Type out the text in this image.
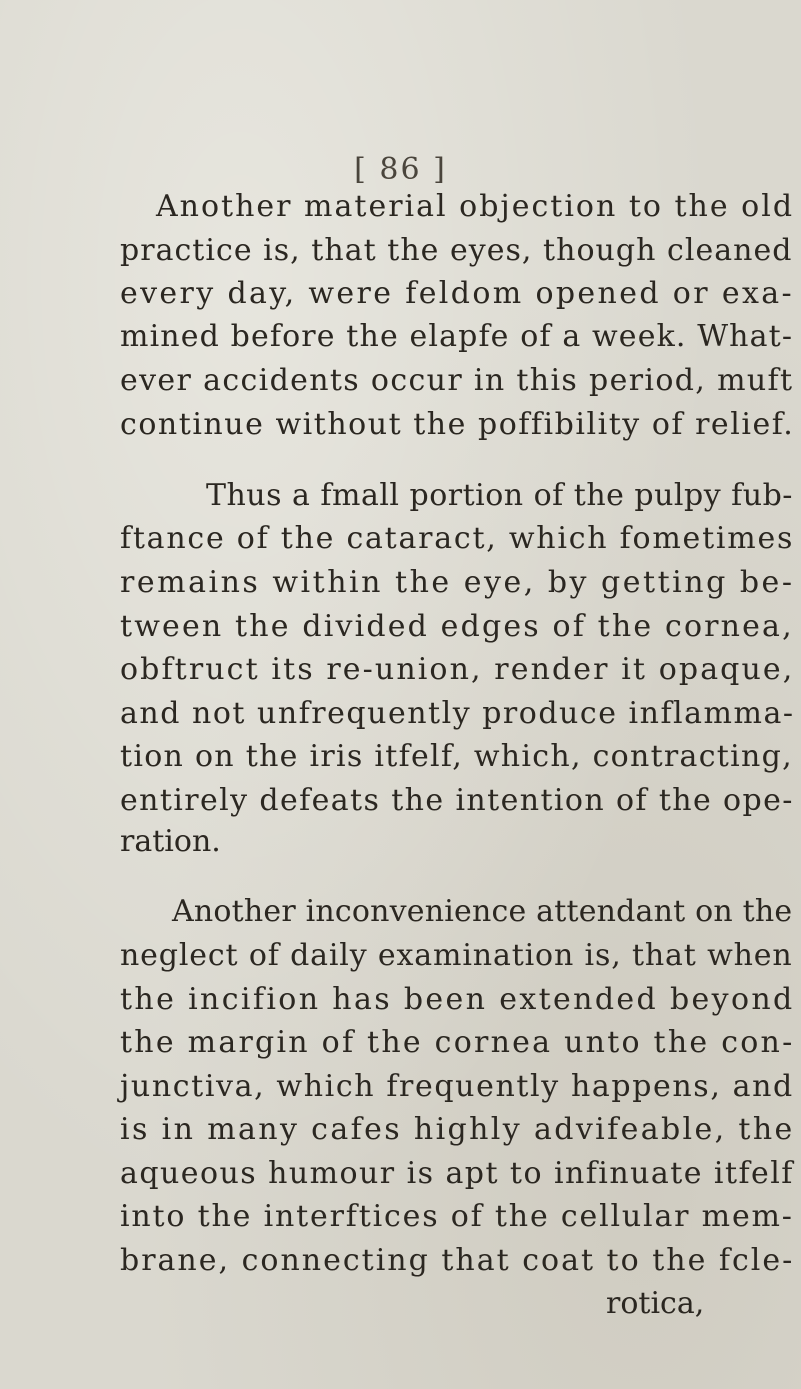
[ 86 ]
Another material objection to the old
practice is, that the eyes, though cleaned
every day, were feldom opened or exa-
mined before the elapfe of a week. What-
ever accidents occur in this period, muft
continue without the poffibility of relief.
Thus a fmall portion of the pulpy fub-
ftance of the cataract, which fometimes
remains within the eye, by getting be-
tween the divided edges of the cornea,
obftruct its re-union, render it opaque,
and not unfrequently produce inflamma-
tion on the iris itfelf, which, contracting,
entirely defeats the intention of the ope-
ration.
Another inconvenience attendant on the
neglect of daily examination is, that when
the incifion has been extended beyond
the margin of the cornea unto the con-
junctiva, which frequently happens, and
is in many cafes highly advifeable, the
aqueous humour is apt to infinuate itfelf
into the interftices of the cellular mem-
brane, connecting that coat to the fcle-
rotica,
